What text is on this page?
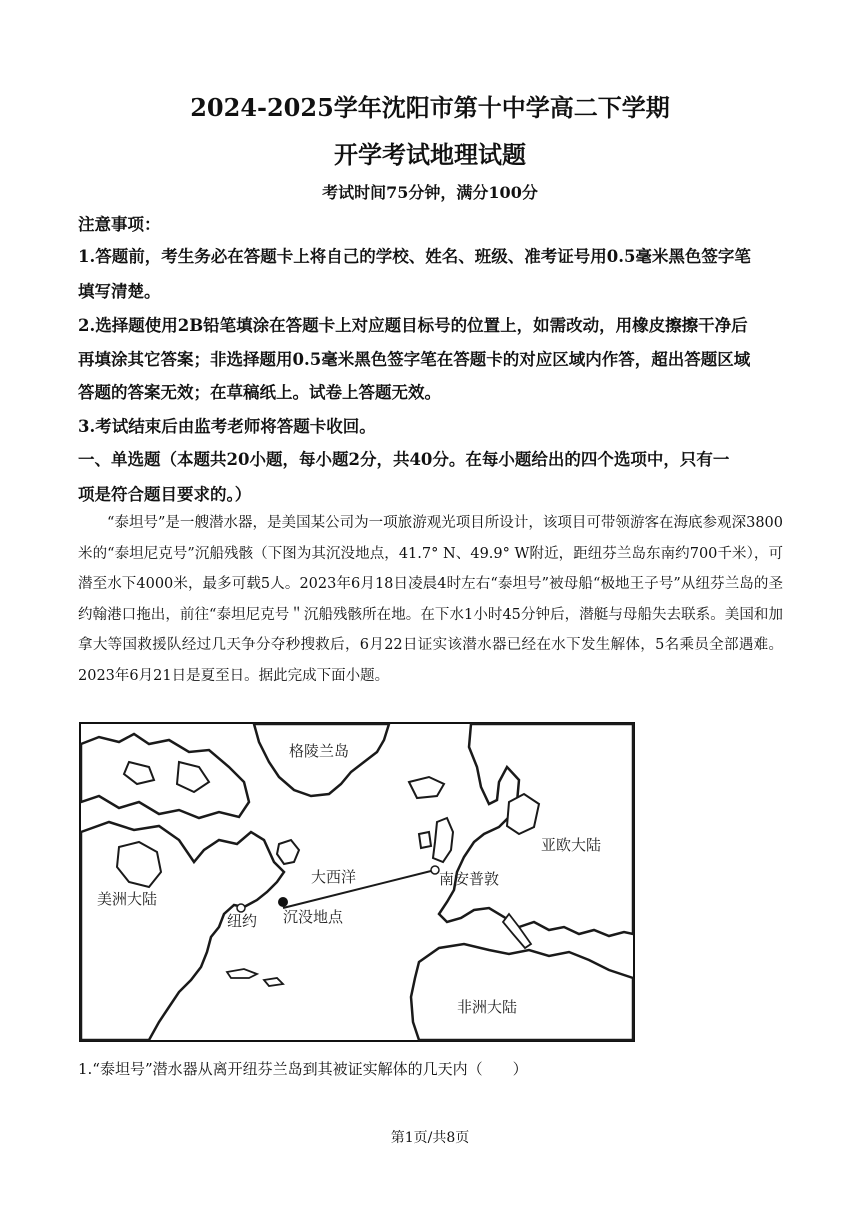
2024-2025学年沈阳市第十中学高二下学期
开学考试地理试题
考试时间75分钟，满分100分
注意事项：
1.答题前，考生务必在答题卡上将自己的学校、姓名、班级、准考证号用0.5毫米黑色签字笔
填写清楚。
2.选择题使用2B铅笔填涂在答题卡上对应题目标号的位置上，如需改动，用橡皮擦擦干净后
再填涂其它答案；非选择题用0.5毫米黑色签字笔在答题卡的对应区域内作答，超出答题区域
答题的答案无效；在草稿纸上。试卷上答题无效。
3.考试结束后由监考老师将答题卡收回。
一、单选题（本题共20小题，每小题2分，共40分。在每小题给出的四个选项中，只有一
项是符合题目要求的。）

“泰坦号”是一艘潜水器，是美国某公司为一项旅游观光项目所设计，该项目可带领游客在海底参观深3800米的“泰坦尼克号”沉船残骸（下图为其沉没地点，41.7° N、49.9° W附近，距纽芬兰岛东南约700千米），可潜至水下4000米，最多可载5人。2023年6月18日凌晨4时左右“泰坦号”被母船“极地王子号”从纽芬兰岛的圣约翰港口拖出，前往“泰坦尼克号＂沉船残骸所在地。在下水1小时45分钟后，潜艇与母船失去联系。美国和加拿大等国救援队经过几天争分夺秒搜救后，6月22日证实该潜水器已经在水下发生解体，5名乘员全部遇难。2023年6月21日是夏至日。据此完成下面小题。

格陵兰岛
大西洋
亚欧大陆
南安普敦
美洲大陆
纽约 沉没地点
非洲大陆
1.“泰坦号”潜水器从离开纽芬兰岛到其被证实解体的几天内（　　）
第1页/共8页
